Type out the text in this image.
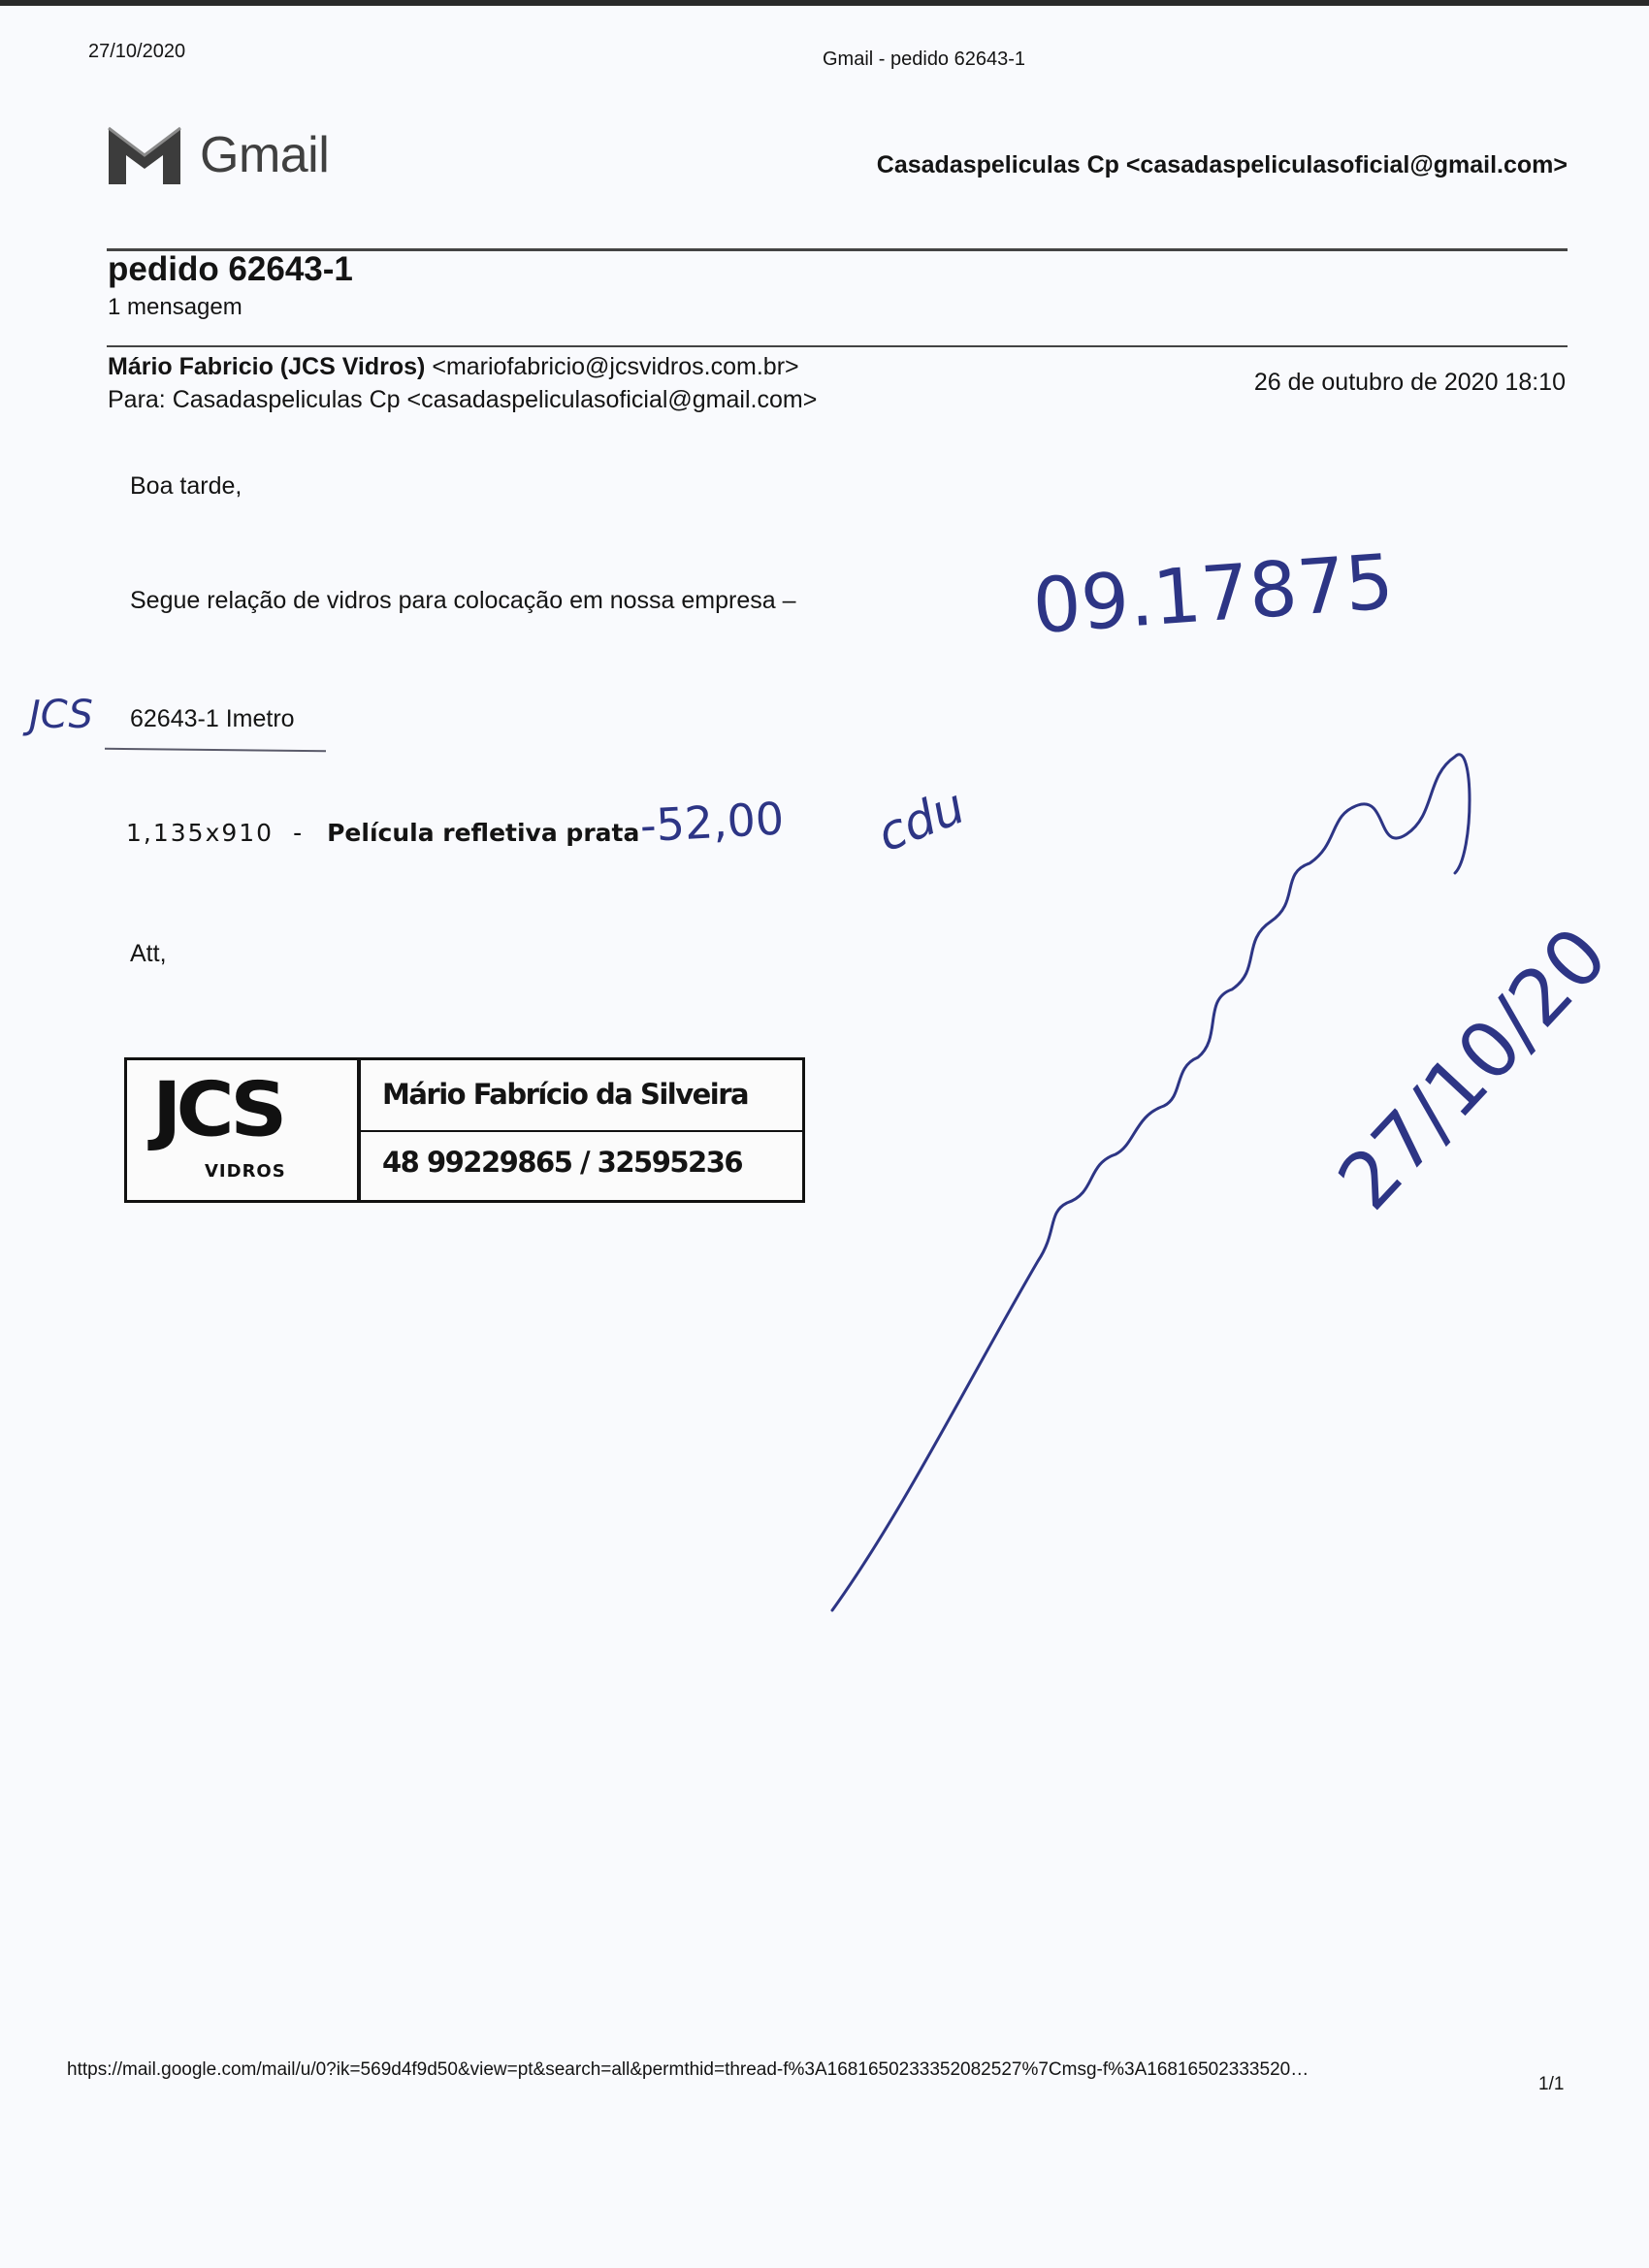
27/10/2020	Gmail - pedido 62643-1
Gmail	Casadaspeliculas Cp <casadaspeliculasoficial@gmail.com>
pedido 62643-1
1 mensagem
Mário Fabricio (JCS Vidros) <mariofabricio@jcsvidros.com.br>
Para: Casadaspeliculas Cp <casadaspeliculasoficial@gmail.com>
26 de outubro de 2020 18:10
Boa tarde,
Segue relação de vidros para colocação em nossa empresa –
62643-1 Imetro
1,135x910 - Película refletiva prata
Att,
JCS
VIDROS
Mário Fabrício da Silveira
48 99229865 / 32595236
09.17875
JCS
-52,00 cdu
27/10/20
https://mail.google.com/mail/u/0?ik=569d4f9d50&view=pt&search=all&permthid=thread-f%3A1681650233352082527%7Cmsg-f%3A16816502333520…
1/1
